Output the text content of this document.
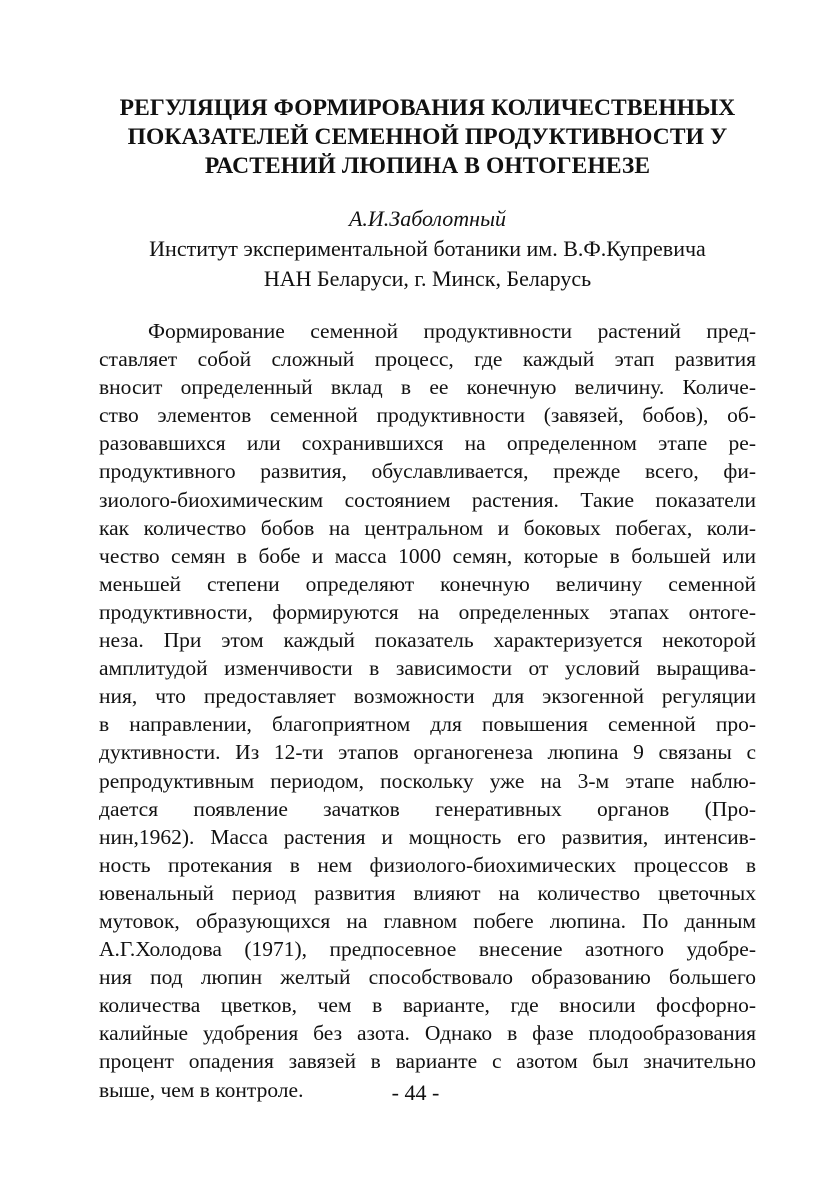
РЕГУЛЯЦИЯ ФОРМИРОВАНИЯ КОЛИЧЕСТВЕННЫХ
ПОКАЗАТЕЛЕЙ СЕМЕННОЙ ПРОДУКТИВНОСТИ У
РАСТЕНИЙ ЛЮПИНА В ОНТОГЕНЕЗЕ
А.И.Заболотный
Институт экспериментальной ботаники им. В.Ф.Купревича
НАН Беларуси, г. Минск, Беларусь
Формирование семенной продуктивности растений пред-
ставляет собой сложный процесс, где каждый этап развития
вносит определенный вклад в ее конечную величину. Количе-
ство элементов семенной продуктивности (завязей, бобов), об-
разовавшихся или сохранившихся на определенном этапе ре-
продуктивного развития, обуславливается, прежде всего, фи-
зиолого-биохимическим состоянием растения. Такие показатели
как количество бобов на центральном и боковых побегах, коли-
чество семян в бобе и масса 1000 семян, которые в большей или
меньшей степени определяют конечную величину семенной
продуктивности, формируются на определенных этапах онтоге-
неза. При этом каждый показатель характеризуется некоторой
амплитудой изменчивости в зависимости от условий выращива-
ния, что предоставляет возможности для экзогенной регуляции
в направлении, благоприятном для повышения семенной про-
дуктивности. Из 12-ти этапов органогенеза люпина 9 связаны с
репродуктивным периодом, поскольку уже на 3-м этапе наблю-
дается появление зачатков генеративных органов (Про-
нин,1962). Масса растения и мощность его развития, интенсив-
ность протекания в нем физиолого-биохимических процессов в
ювенальный период развития влияют на количество цветочных
мутовок, образующихся на главном побеге люпина. По данным
А.Г.Холодова (1971), предпосевное внесение азотного удобре-
ния под люпин желтый способствовало образованию большего
количества цветков, чем в варианте, где вносили фосфорно-
калийные удобрения без азота. Однако в фазе плодообразования
процент опадения завязей в варианте с азотом был значительно
выше, чем в контроле.	- 44 -
